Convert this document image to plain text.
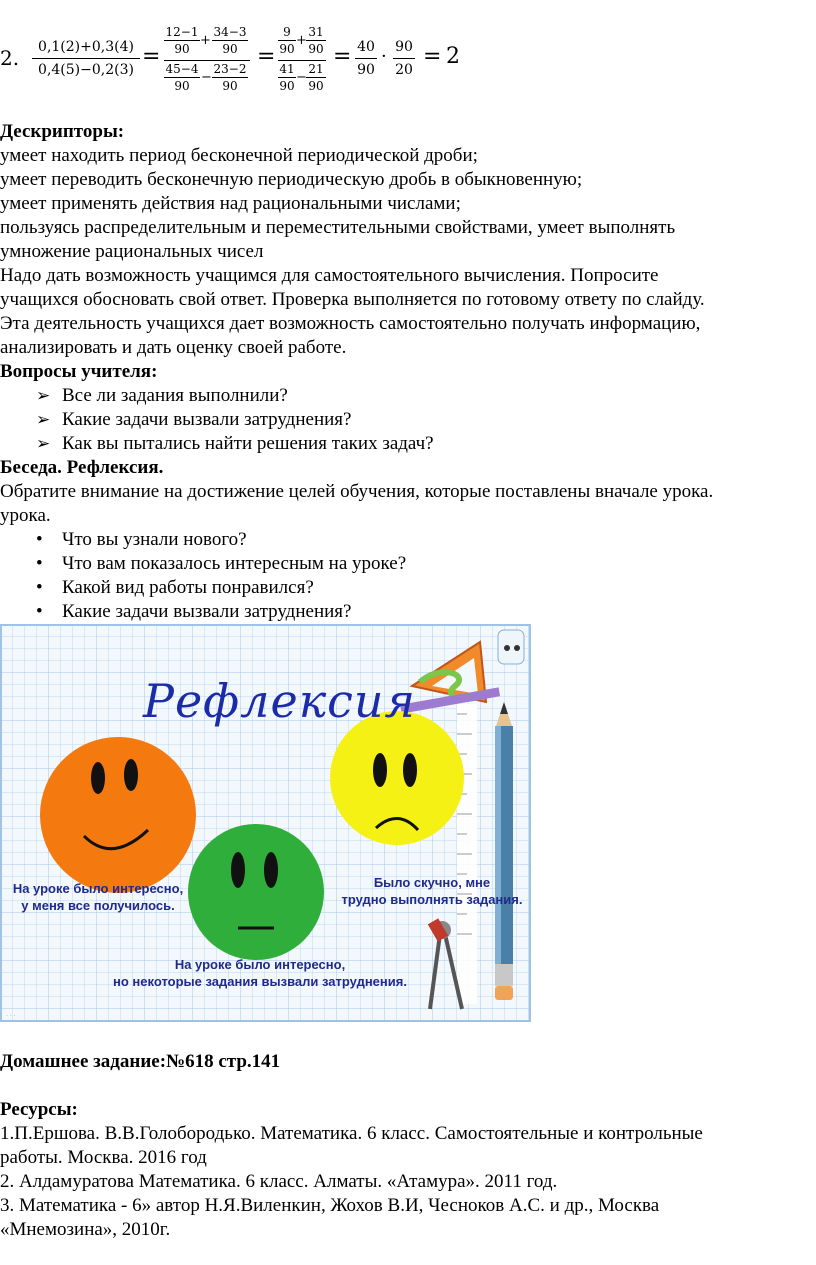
2.	0,1(2)+0,3(4)
0,4(5)−0,2(3)
=
12−1
90
+
34−3
90
45−4
90
−
23−2
90
=
9
90
+
31
90
41
90
−
21
90
= 40
90
· 90
20
= 2
Дескрипторы:
умеет находить период бесконечной периодической дроби;
умеет переводить бесконечную периодическую дробь в обыкновенную;
умеет применять действия над рациональными числами;
пользуясь распределительным и переместительными свойствами, умеет выполнять
умножение рациональных чисел
Надо дать возможность учащимся для самостоятельного вычисления. Попросите
учащихся обосновать свой ответ. Проверка выполняется по готовому ответу по слайду.
Эта деятельность учащихся дает возможность самостоятельно получать информацию,
анализировать и дать оценку своей работе.
Вопросы учителя:
➢ Все ли задания выполнили?
➢ Какие задачи вызвали затруднения?
➢ Как вы пытались найти решения таких задач?
Беседа. Рефлексия.
Обратите внимание на достижение целей обучения, которые поставлены вначале урока.
урока.
• Что вы узнали нового?
• Что вам показалось интересным на уроке?
• Какой вид работы понравился?
• Какие задачи вызвали затруднения?
· · ·
Рефлексия
На уроке было интересно,
у меня все получилось.
Было скучно, мне
трудно выполнять задания.
На уроке было интересно,
но некоторые задания вызвали затруднения.
Домашнее задание:№618 стр.141
Ресурсы:
1.П.Ершова. В.В.Голобородько. Математика. 6 класс. Самостоятельные и контрольные
работы. Москва. 2016 год
2. Алдамуратова Математика. 6 класс. Алматы. «Атамура». 2011 год.
3. Математика - 6» автор Н.Я.Виленкин, Жохов В.И, Чесноков А.С. и др., Москва
«Мнемозина», 2010г.
